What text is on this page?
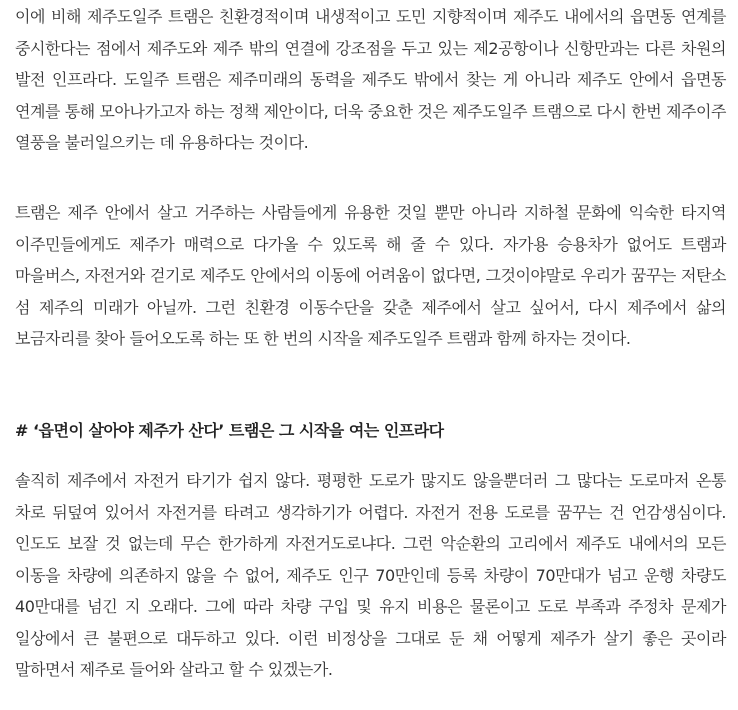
이에 비해 제주도일주 트램은 친환경적이며 내생적이고 도민 지향적이며 제주도 내에서의 읍면동 연계를 중시한다는 점에서 제주도와 제주 밖의 연결에 강조점을 두고 있는 제2공항이나 신항만과는 다른 차원의 발전 인프라다. 도일주 트램은 제주미래의 동력을 제주도 밖에서 찾는 게 아니라 제주도 안에서 읍면동 연계를 통해 모아나가고자 하는 정책 제안이다, 더욱 중요한 것은 제주도일주 트램으로 다시 한번 제주이주 열풍을 불러일으키는 데 유용하다는 것이다.

트램은 제주 안에서 살고 거주하는 사람들에게 유용한 것일 뿐만 아니라 지하철 문화에 익숙한 타지역 이주민들에게도 제주가 매력으로 다가올 수 있도록 해 줄 수 있다. 자가용 승용차가 없어도 트램과 마을버스, 자전거와 걷기로 제주도 안에서의 이동에 어려움이 없다면, 그것이야말로 우리가 꿈꾸는 저탄소 섬 제주의 미래가 아닐까. 그런 친환경 이동수단을 갖춘 제주에서 살고 싶어서, 다시 제주에서 삶의 보금자리를 찾아 들어오도록 하는 또 한 번의 시작을 제주도일주 트램과 함께 하자는 것이다.

# ‘읍면이 살아야 제주가 산다’ 트램은 그 시작을 여는 인프라다

솔직히 제주에서 자전거 타기가 쉽지 않다. 평평한 도로가 많지도 않을뿐더러 그 많다는 도로마저 온통 차로 뒤덮여 있어서 자전거를 타려고 생각하기가 어렵다. 자전거 전용 도로를 꿈꾸는 건 언감생심이다. 인도도 보잘 것 없는데 무슨 한가하게 자전거도로냐다. 그런 악순환의 고리에서 제주도 내에서의 모든 이동을 차량에 의존하지 않을 수 없어, 제주도 인구 70만인데 등록 차량이 70만대가 넘고 운행 차량도 40만대를 넘긴 지 오래다. 그에 따라 차량 구입 및 유지 비용은 물론이고 도로 부족과 주정차 문제가 일상에서 큰 불편으로 대두하고 있다. 이런 비정상을 그대로 둔 채 어떻게 제주가 살기 좋은 곳이라 말하면서 제주로 들어와 살라고 할 수 있겠는가.
